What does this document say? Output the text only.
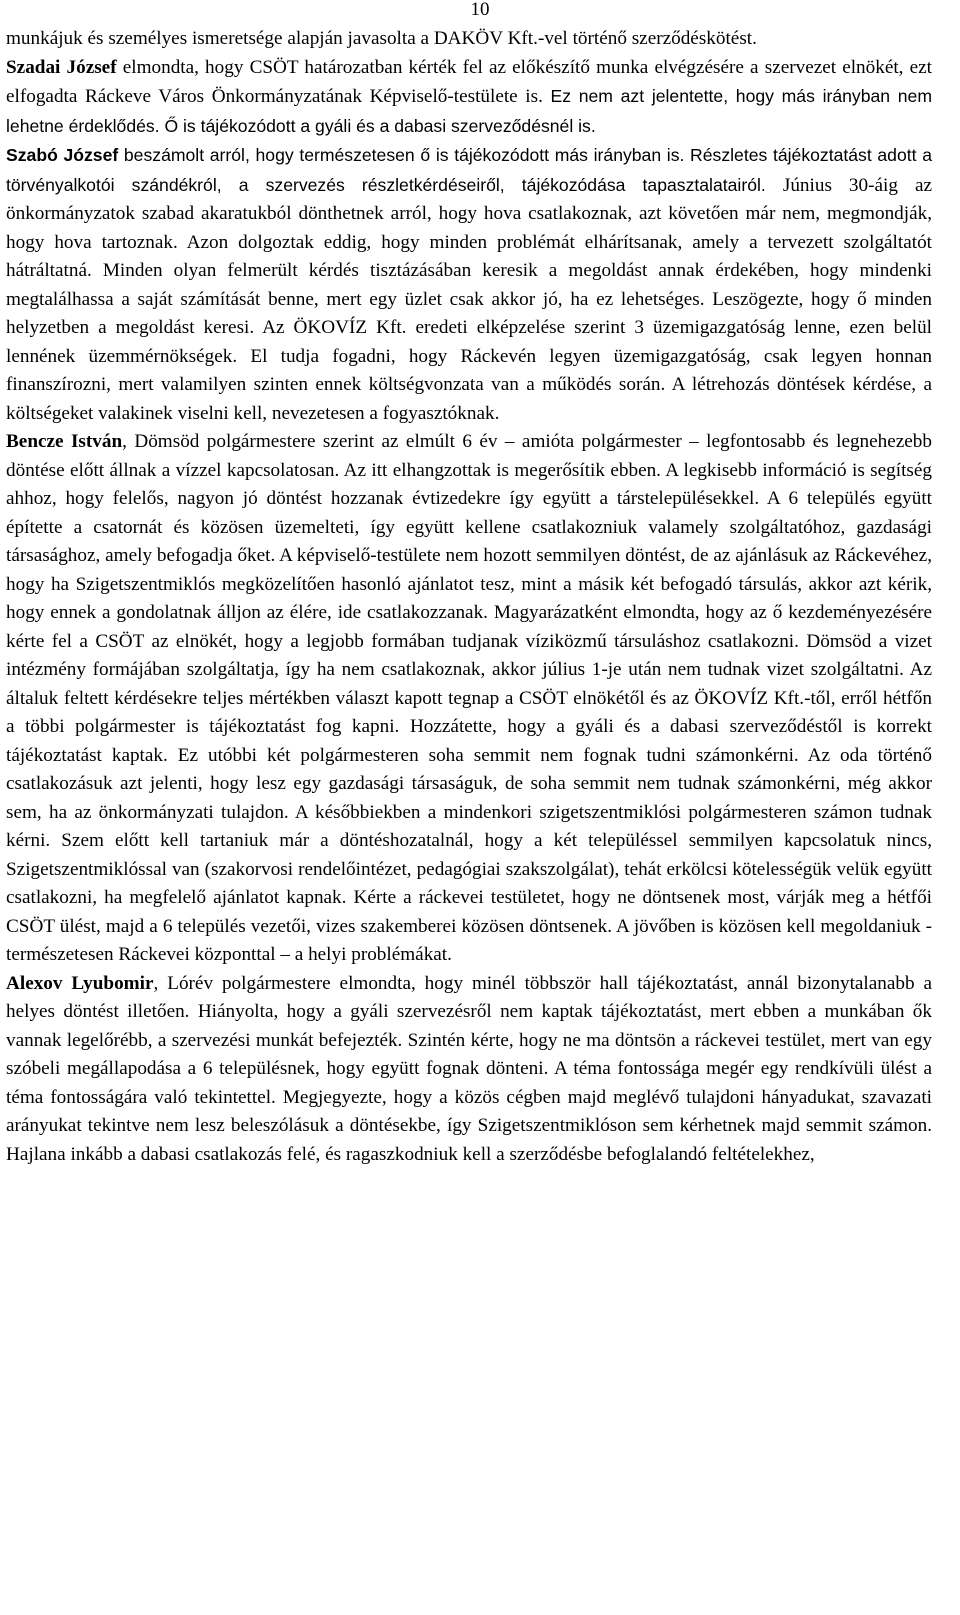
10

munkájuk és személyes ismeretsége alapján javasolta a DAKÖV Kft.-vel történő szerződéskötést.

Szadai József elmondta, hogy CSÖT határozatban kérték fel az előkészítő munka elvégzésére a szervezet elnökét, ezt elfogadta Ráckeve Város Önkormányzatának Képviselő-testülete is. Ez nem azt jelentette, hogy más irányban nem lehetne érdeklődés. Ő is tájékozódott a gyáli és a dabasi szerveződésnél is.

Szabó József beszámolt arról, hogy természetesen ő is tájékozódott más irányban is. Részletes tájékoztatást adott a törvényalkotói szándékról, a szervezés részletkérdéseiről, tájékozódása tapasztalatairól. Június 30-áig az önkormányzatok szabad akaratukból dönthetnek arról, hogy hova csatlakoznak, azt követően már nem, megmondják, hogy hova tartoznak. Azon dolgoztak eddig, hogy minden problémát elhárítsanak, amely a tervezett szolgáltatót hátráltatná. Minden olyan felmerült kérdés tisztázásában keresik a megoldást annak érdekében, hogy mindenki megtalálhassa a saját számítását benne, mert egy üzlet csak akkor jó, ha ez lehetséges. Leszögezte, hogy ő minden helyzetben a megoldást keresi. Az ÖKOVÍZ Kft. eredeti elképzelése szerint 3 üzemigazgatóság lenne, ezen belül lennének üzemmérnökségek. El tudja fogadni, hogy Ráckevén legyen üzemigazgatóság, csak legyen honnan finanszírozni, mert valamilyen szinten ennek költségvonzata van a működés során. A létrehozás döntések kérdése, a költségeket valakinek viselni kell, nevezetesen a fogyasztóknak.

Bencze István, Dömsöd polgármestere szerint az elmúlt 6 év – amióta polgármester – legfontosabb és legnehezebb döntése előtt állnak a vízzel kapcsolatosan. Az itt elhangzottak is megerősítik ebben. A legkisebb információ is segítség ahhoz, hogy felelős, nagyon jó döntést hozzanak évtizedekre így együtt a társtelepülésekkel. A 6 település együtt építette a csatornát és közösen üzemelteti, így együtt kellene csatlakozniuk valamely szolgáltatóhoz, gazdasági társasághoz, amely befogadja őket. A képviselő-testülete nem hozott semmilyen döntést, de az ajánlásuk az Ráckevéhez, hogy ha Szigetszentmiklós megközelítően hasonló ajánlatot tesz, mint a másik két befogadó társulás, akkor azt kérik, hogy ennek a gondolatnak álljon az élére, ide csatlakozzanak. Magyarázatként elmondta, hogy az ő kezdeményezésére kérte fel a CSÖT az elnökét, hogy a legjobb formában tudjanak víziközmű társuláshoz csatlakozni. Dömsöd a vizet intézmény formájában szolgáltatja, így ha nem csatlakoznak, akkor július 1-je után nem tudnak vizet szolgáltatni. Az általuk feltett kérdésekre teljes mértékben választ kapott tegnap a CSÖT elnökétől és az ÖKOVÍZ Kft.-től, erről hétfőn a többi polgármester is tájékoztatást fog kapni. Hozzátette, hogy a gyáli és a dabasi szerveződéstől is korrekt tájékoztatást kaptak. Ez utóbbi két polgármesteren soha semmit nem fognak tudni számonkérni. Az oda történő csatlakozásuk azt jelenti, hogy lesz egy gazdasági társaságuk, de soha semmit nem tudnak számonkérni, még akkor sem, ha az önkormányzati tulajdon. A későbbiekben a mindenkori szigetszentmiklósi polgármesteren számon tudnak kérni. Szem előtt kell tartaniuk már a döntéshozatalnál, hogy a két településsel semmilyen kapcsolatuk nincs, Szigetszentmiklóssal van (szakorvosi rendelőintézet, pedagógiai szakszolgálat), tehát erkölcsi kötelességük velük együtt csatlakozni, ha megfelelő ajánlatot kapnak. Kérte a ráckevei testületet, hogy ne döntsenek most, várják meg a hétfői CSÖT ülést, majd a 6 település vezetői, vizes szakemberei közösen döntsenek. A jövőben is közösen kell megoldaniuk - természetesen Ráckevei központtal – a helyi problémákat.

Alexov Lyubomir, Lórév polgármestere elmondta, hogy minél többször hall tájékoztatást, annál bizonytalanabb a helyes döntést illetően. Hiányolta, hogy a gyáli szervezésről nem kaptak tájékoztatást, mert ebben a munkában ők vannak legelőrébb, a szervezési munkát befejezték. Szintén kérte, hogy ne ma döntsön a ráckevei testület, mert van egy szóbeli megállapodása a 6 településnek, hogy együtt fognak dönteni. A téma fontossága megér egy rendkívüli ülést a téma fontosságára való tekintettel. Megjegyezte, hogy a közös cégben majd meglévő tulajdoni hányadukat, szavazati arányukat tekintve nem lesz beleszólásuk a döntésekbe, így Szigetszentmiklóson sem kérhetnek majd semmit számon. Hajlana inkább a dabasi csatlakozás felé, és ragaszkodniuk kell a szerződésbe befoglalandó feltételekhez,
